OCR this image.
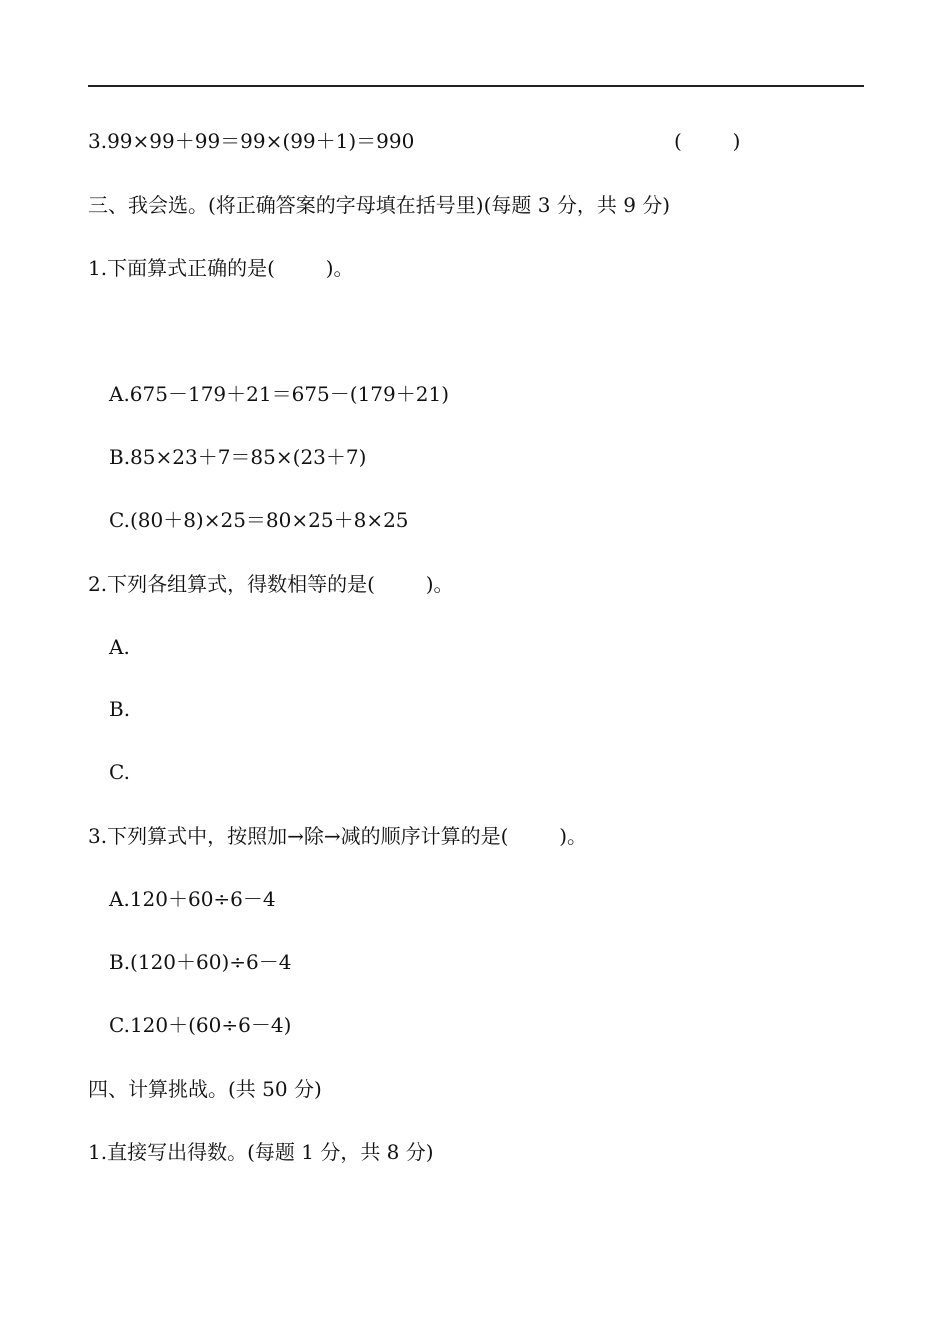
3.99×99＋99＝99×(99＋1)＝990	(        )
三、我会选。(将正确答案的字母填在括号里)(每题 3 分，共 9 分)
1.下面算式正确的是(        )。
A.675－179＋21＝675－(179＋21)
B.85×23＋7＝85×(23＋7)
C.(80＋8)×25＝80×25＋8×25
2.下列各组算式，得数相等的是(        )。
A.
B.
C.
3.下列算式中，按照加→除→减的顺序计算的是(        )。
A.120＋60÷6－4
B.(120＋60)÷6－4
C.120＋(60÷6－4)
四、计算挑战。(共 50 分)
1.直接写出得数。(每题 1 分，共 8 分)
